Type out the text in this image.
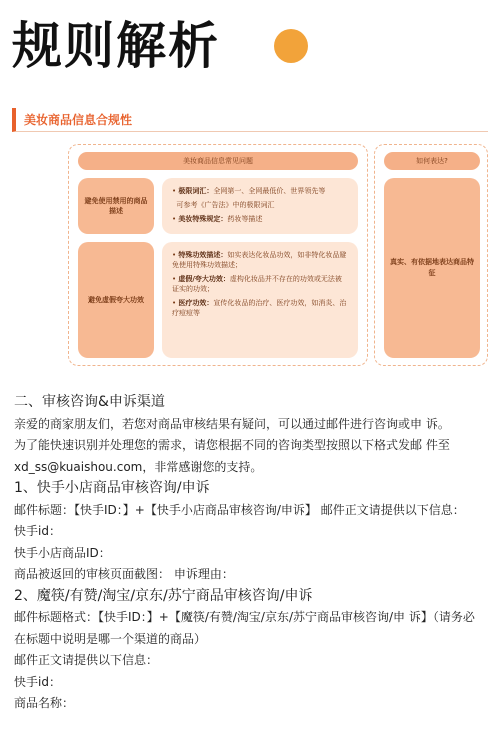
规则解析
美妆商品信息合规性
美妆商品信息常见问题	如何表达?
避免使用禁用的商品描述

• 极限词汇：全网第一、全网最低价、世界领先等

可参考《广告法》中的极限词汇

• 美妆特殊规定：药妆等描述

避免虚假夸大功效

• 特殊功效描述：如实表达化妆品功效，如非特化妆品避免使用特殊功效描述；

• 虚假/夸大功效：虚构化妆品并不存在的功效或无法被证实的功效；

• 医疗功效：宣传化妆品的治疗、医疗功效，如消炎、治疗痘痘等

真实、有依据地表达商品特征
二、审核咨询&申诉渠道
亲爱的商家朋友们，若您对商品审核结果有疑问，可以通过邮件进行咨询或申 诉。
为了能快速识别并处理您的需求，请您根据不同的咨询类型按照以下格式发邮 件至
xd_ss@kuaishou.com，非常感谢您的支持。
1、快手小店商品审核咨询/申诉
邮件标题：【快手ID：】+【快手小店商品审核咨询/申诉】 邮件正文请提供以下信息：
快手id：
快手小店商品ID：
商品被返回的审核页面截图： 申诉理由：
2、魔筷/有赞/淘宝/京东/苏宁商品审核咨询/申诉
邮件标题格式：【快手ID：】+【魔筷/有赞/淘宝/京东/苏宁商品审核咨询/申 诉】（请务必
在标题中说明是哪一个渠道的商品）
邮件正文请提供以下信息：
快手id：
商品名称：
